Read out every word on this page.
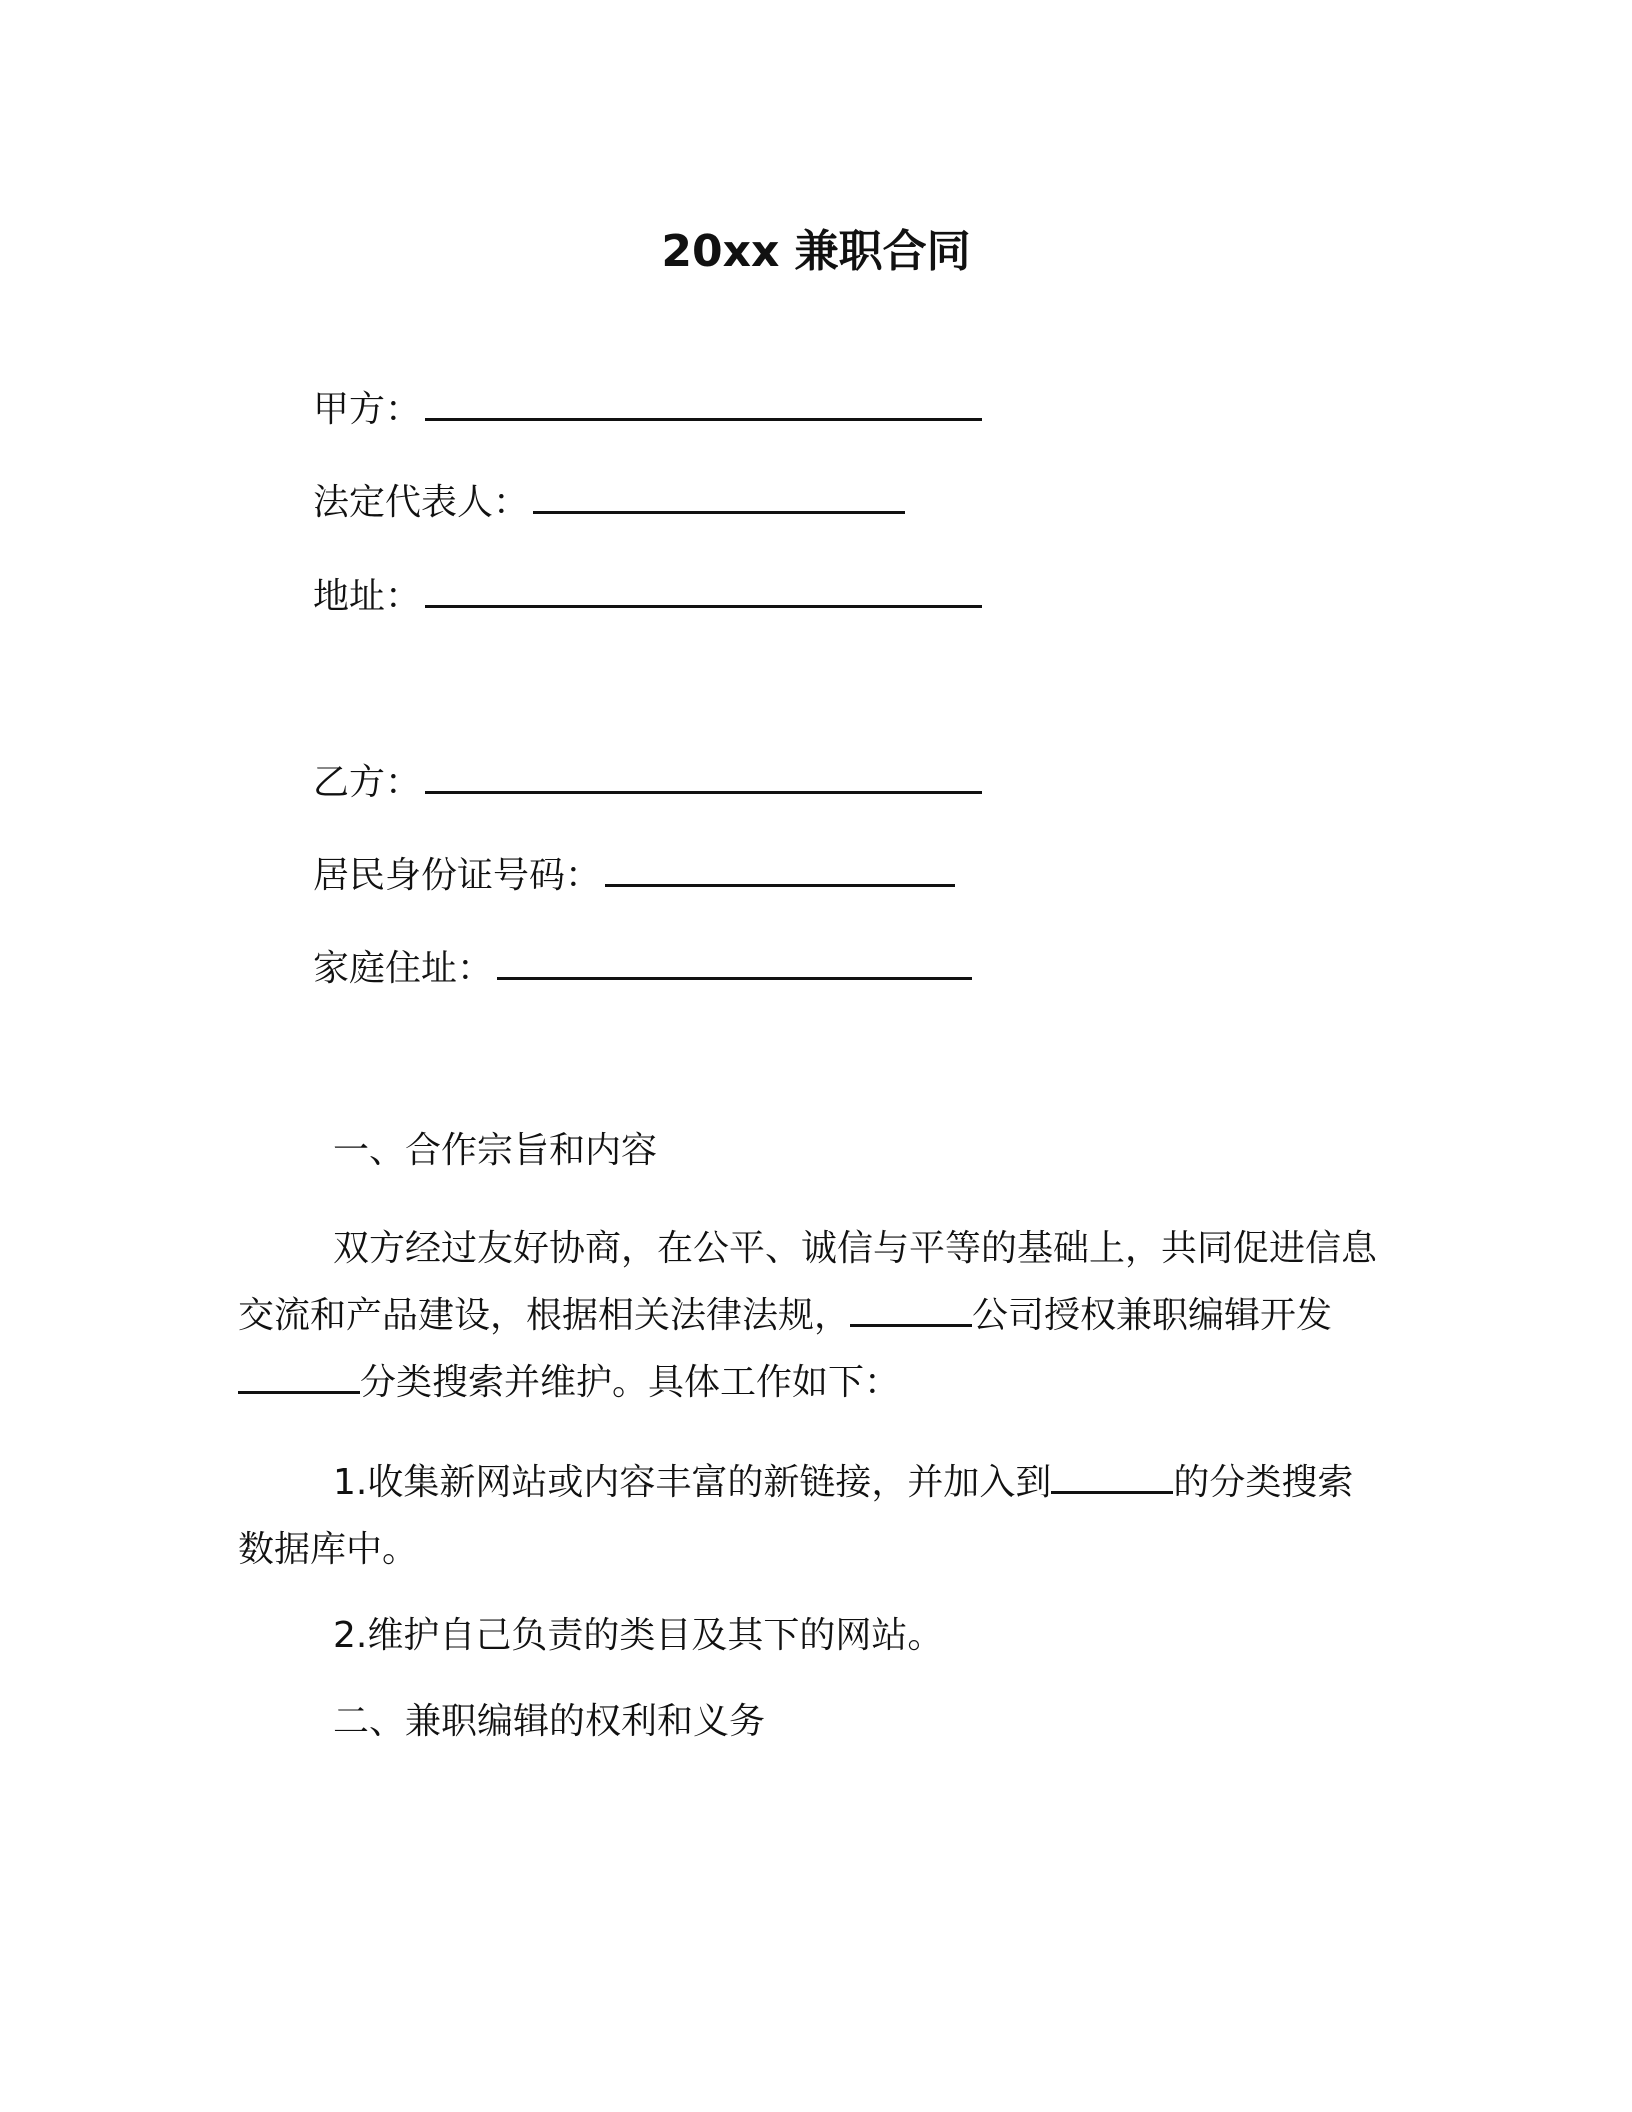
20xx 兼职合同
甲方：
法定代表人：
地址：
乙方：
居民身份证号码：
家庭住址：
一、合作宗旨和内容

双方经过友好协商，在公平、诚信与平等的基础上，共同促进信息交流和产品建设，根据相关法律法规，	公司授权兼职编辑开发分类搜索并维护。具体工作如下：

1.收集新网站或内容丰富的新链接，并加入到	的分类搜索数据库中。

2.维护自己负责的类目及其下的网站。

二、兼职编辑的权利和义务
